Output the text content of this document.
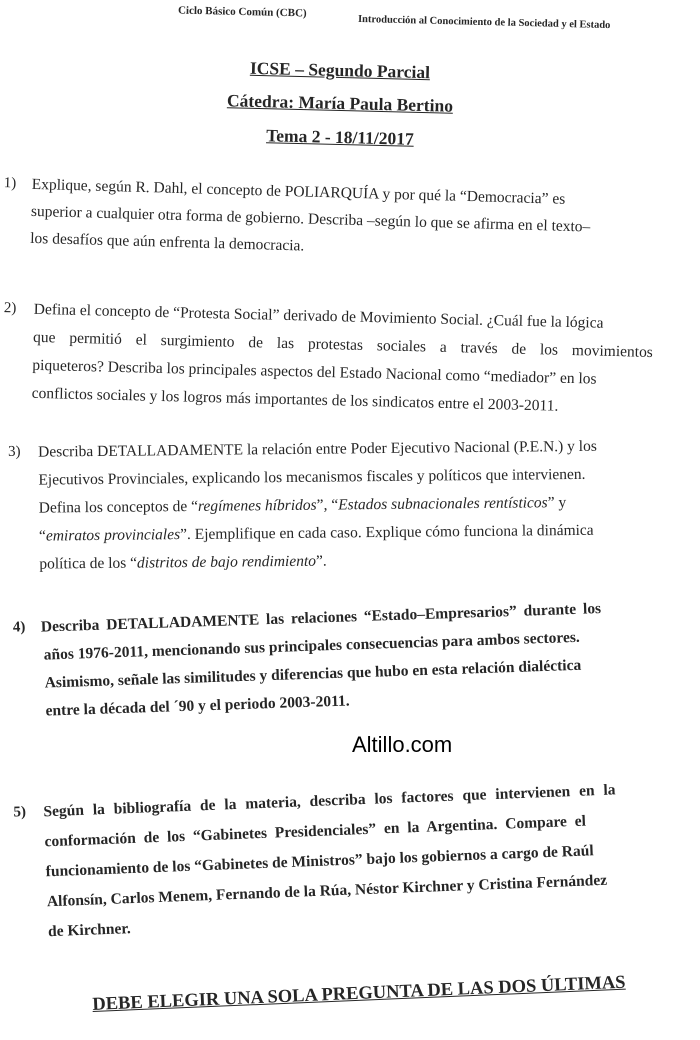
Ciclo Básico Común (CBC)
Introducción al Conocimiento de la Sociedad y el Estado
ICSE – Segundo Parcial
Cátedra: María Paula Bertino
Tema 2 - 18/11/2017
1) Explique, según R. Dahl, el concepto de POLIARQUÍA y por qué la “Democracia” es
superior a cualquier otra forma de gobierno. Describa –según lo que se afirma en el texto–
los desafíos que aún enfrenta la democracia.
2) Defina el concepto de “Protesta Social” derivado de Movimiento Social. ¿Cuál fue la lógica
que permitió el surgimiento de las protestas sociales a través de los movimientos
piqueteros? Describa los principales aspectos del Estado Nacional como “mediador” en los
conflictos sociales y los logros más importantes de los sindicatos entre el 2003-2011.
3) Describa DETALLADAMENTE la relación entre Poder Ejecutivo Nacional (P.E.N.) y los
Ejecutivos Provinciales, explicando los mecanismos fiscales y políticos que intervienen.
Defina los conceptos de “regímenes híbridos”, “Estados subnacionales rentísticos” y
“emiratos provinciales”. Ejemplifique en cada caso. Explique cómo funciona la dinámica
política de los “distritos de bajo rendimiento”.
4) Describa DETALLADAMENTE las relaciones “Estado–Empresarios” durante los
años 1976-2011, mencionando sus principales consecuencias para ambos sectores.
Asimismo, señale las similitudes y diferencias que hubo en esta relación dialéctica
entre la década del ´90 y el periodo 2003-2011.
Altillo.com
5) Según la bibliografía de la materia, describa los factores que intervienen en la
conformación de los “Gabinetes Presidenciales” en la Argentina. Compare el
funcionamiento de los “Gabinetes de Ministros” bajo los gobiernos a cargo de Raúl
Alfonsín, Carlos Menem, Fernando de la Rúa, Néstor Kirchner y Cristina Fernández
de Kirchner.
DEBE ELEGIR UNA SOLA PREGUNTA DE LAS DOS ÚLTIMAS
